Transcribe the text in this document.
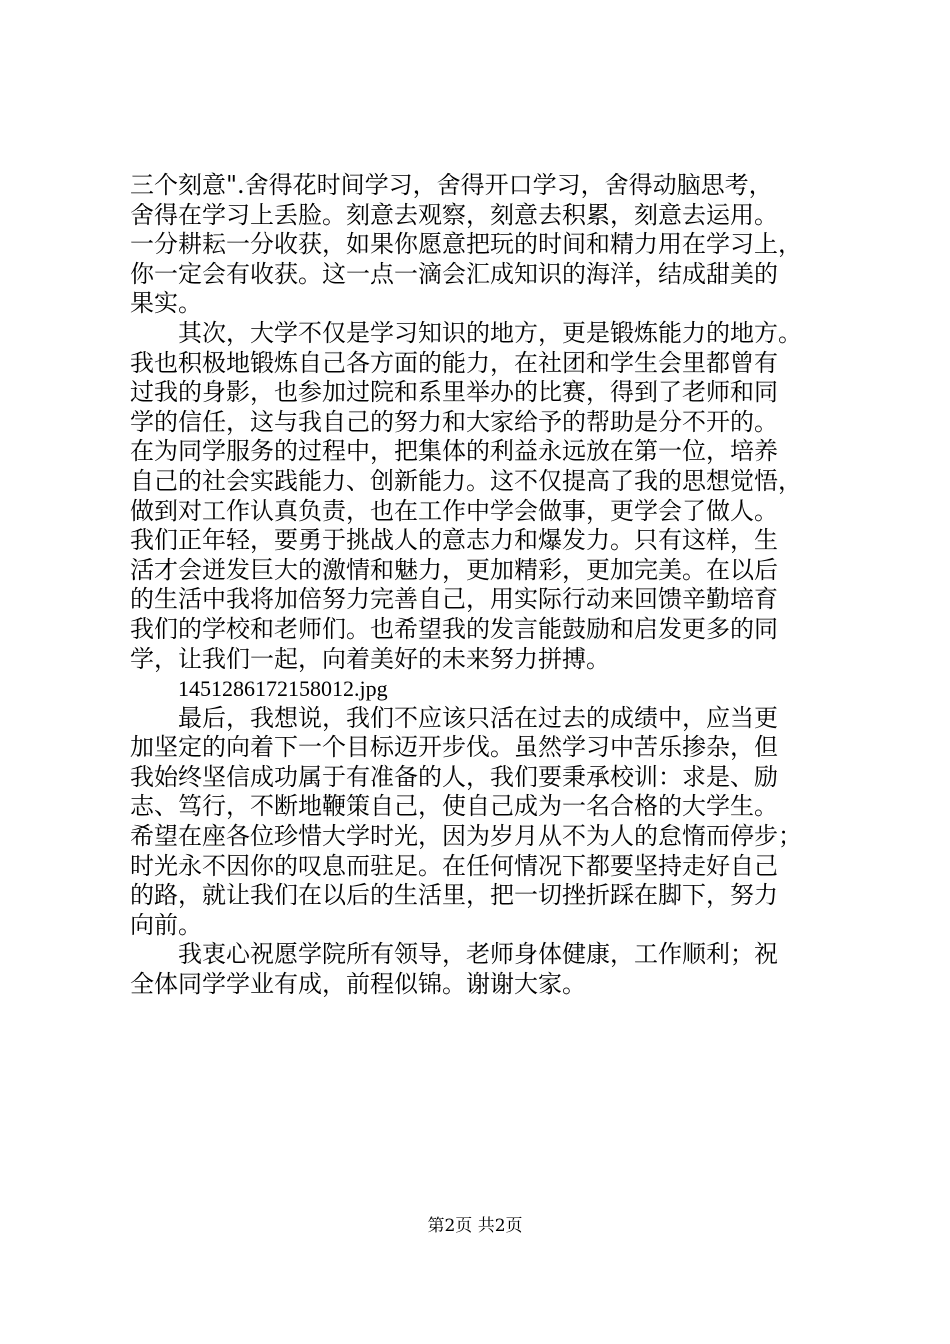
三个刻意".舍得花时间学习，舍得开口学习，舍得动脑思考，
舍得在学习上丢脸。刻意去观察，刻意去积累，刻意去运用。
一分耕耘一分收获，如果你愿意把玩的时间和精力用在学习上，
你一定会有收获。这一点一滴会汇成知识的海洋，结成甜美的
果实。
其次，大学不仅是学习知识的地方，更是锻炼能力的地方。
我也积极地锻炼自己各方面的能力，在社团和学生会里都曾有
过我的身影，也参加过院和系里举办的比赛，得到了老师和同
学的信任，这与我自己的努力和大家给予的帮助是分不开的。
在为同学服务的过程中，把集体的利益永远放在第一位，培养
自己的社会实践能力、创新能力。这不仅提高了我的思想觉悟，
做到对工作认真负责，也在工作中学会做事，更学会了做人。
我们正年轻，要勇于挑战人的意志力和爆发力。只有这样，生
活才会迸发巨大的激情和魅力，更加精彩，更加完美。在以后
的生活中我将加倍努力完善自己，用实际行动来回馈辛勤培育
我们的学校和老师们。也希望我的发言能鼓励和启发更多的同
学，让我们一起，向着美好的未来努力拼搏。
1451286172158012.jpg
最后，我想说，我们不应该只活在过去的成绩中，应当更
加坚定的向着下一个目标迈开步伐。虽然学习中苦乐掺杂，但
我始终坚信成功属于有准备的人，我们要秉承校训：求是、励
志、笃行，不断地鞭策自己，使自己成为一名合格的大学生。
希望在座各位珍惜大学时光，因为岁月从不为人的怠惰而停步；
时光永不因你的叹息而驻足。在任何情况下都要坚持走好自己
的路，就让我们在以后的生活里，把一切挫折踩在脚下，努力
向前。
我衷心祝愿学院所有领导，老师身体健康，工作顺利；祝
全体同学学业有成，前程似锦。谢谢大家。
第2页 共2页
